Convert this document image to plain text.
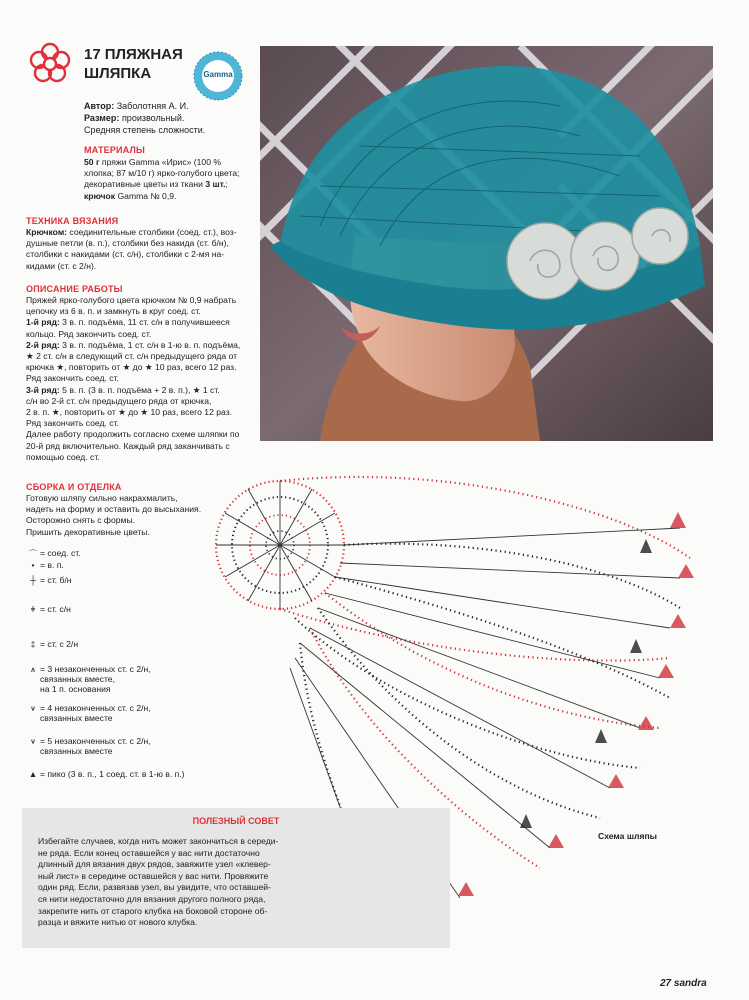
17 ПЛЯЖНАЯ
ШЛЯПКА	Gamma
Автор: Заболотняя А. И.
Размер: произвольный.
Средняя степень сложности.
МАТЕРИАЛЫ
50 г пряжи Gamma «Ирис» (100 %
хлопка; 87 м/10 г) ярко-голубого цвета;
декоративные цветы из ткани 3 шт.;
крючок Gamma № 0,9.
ТЕХНИКА ВЯЗАНИЯ
Крючком: соединительные столбики (соед. ст.), воз-
душные петли (в. п.), столбики без накида (ст. б/н),
столбики с накидами (ст. с/н), столбики с 2-мя на-
кидами (ст. с 2/н).
ОПИСАНИЕ РАБОТЫ
Пряжей ярко-голубого цвета крючком № 0,9 набрать
цепочку из 6 в. п. и замкнуть в круг соед. ст.
1-й ряд: 3 в. п. подъёма, 11 ст. с/н в получившееся
кольцо. Ряд закончить соед. ст.
2-й ряд: 3 в. п. подъёма, 1 ст. с/н в 1-ю в. п. подъёма,
★ 2 ст. с/н в следующий ст. с/н предыдущего ряда от
крючка ★, повторить от ★ до ★ 10 раз, всего 12 раз.
Ряд закончить соед. ст.
3-й ряд: 5 в. п. (3 в. п. подъёма + 2 в. п.), ★ 1 ст.
с/н во 2-й ст. с/н предыдущего ряда от крючка,
2 в. п. ★, повторить от ★ до ★ 10 раз, всего 12 раз.
Ряд закончить соед. ст.
Далее работу продолжить согласно схеме шляпки по
20-й ряд включительно. Каждый ряд заканчивать с
помощью соед. ст.
СБОРКА И ОТДЕЛКА
Готовую шляпу сильно накрахмалить,
надеть на форму и оставить до высыхания.
Осторожно снять с формы.
Пришить декоративные цветы.
⌒ = соед. ст.
• = в. п.
┼ = ст. б/н
ǂ = ст. с/н
‡ = ст. с 2/н
⩚ = 3 незаконченных ст. с 2/н,
связанных вместе,
на 1 п. основания
⩛ = 4 незаконченных ст. с 2/н,
связанных вместе
⩛ = 5 незаконченных ст. с 2/н,
связанных вместе
▲ = пико (3 в. п., 1 соед. ст. в 1-ю в. п.)
ПОЛЕЗНЫЙ СОВЕТ
Избегайте случаев, когда нить может закончиться в середи-
не ряда. Если конец оставшейся у вас нити достаточно
длинный для вязания двух рядов, завяжите узел «клевер-
ный лист» в середине оставшейся у вас нити. Провяжите
один ряд. Если, развязав узел, вы увидите, что оставшей-
ся нити недостаточно для вязания другого полного ряда,
закрепите нить от старого клубка на боковой стороне об-
разца и вяжите нитью от нового клубка.
Схема шляпы
27 sandra
